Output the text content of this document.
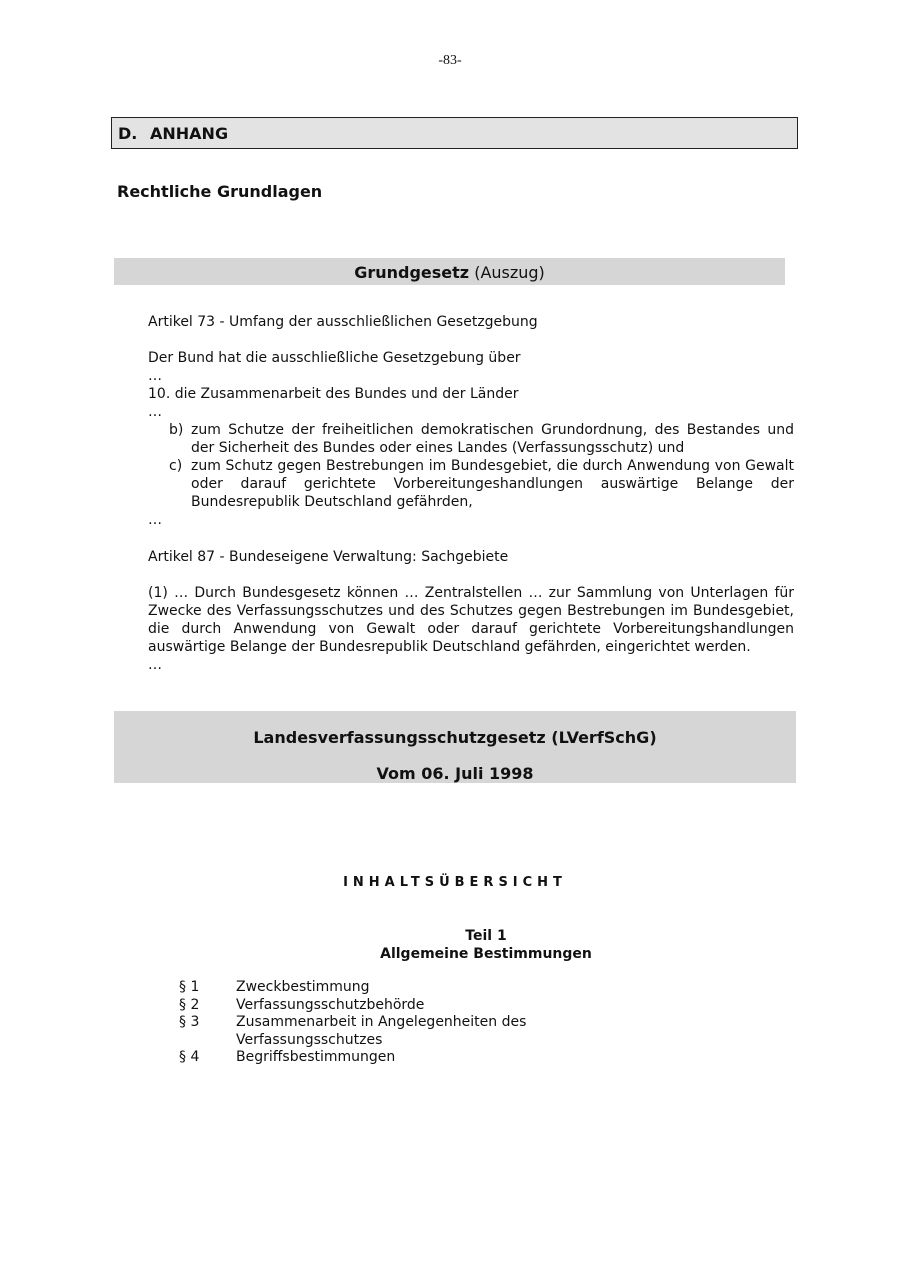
-83-
D. ANHANG
Rechtliche Grundlagen
Grundgesetz (Auszug)
Artikel 73 - Umfang der ausschließlichen Gesetzgebung
Der Bund hat die ausschließliche Gesetzgebung über
…
10. die Zusammenarbeit des Bundes und der Länder
…
b) zum Schutze der freiheitlichen demokratischen Grundordnung, des Bestandes und der Sicherheit des Bundes oder eines Landes (Verfassungsschutz) und
c) zum Schutz gegen Bestrebungen im Bundesgebiet, die durch Anwendung von Gewalt oder darauf gerichtete Vorbereitungeshandlungen auswärtige Belange der Bundesrepublik Deutschland gefährden,
…
Artikel 87 - Bundeseigene Verwaltung: Sachgebiete
(1) … Durch Bundesgesetz können … Zentralstellen … zur Sammlung von Unterlagen für Zwecke des Verfassungsschutzes und des Schutzes gegen Bestrebungen im Bundesgebiet, die durch Anwendung von Gewalt oder darauf gerichtete Vorbereitungshandlungen auswärtige Belange der Bundesrepublik Deutschland gefährden, eingerichtet werden.
…
Landesverfassungsschutzgesetz (LVerfSchG)
Vom 06. Juli 1998
INHALTSÜBERSICHT
Teil 1
Allgemeine Bestimmungen
§ 1	Zweckbestimmung
§ 2	Verfassungsschutzbehörde
§ 3	Zusammenarbeit in Angelegenheiten des Verfassungsschutzes
§ 4	Begriffsbestimmungen
